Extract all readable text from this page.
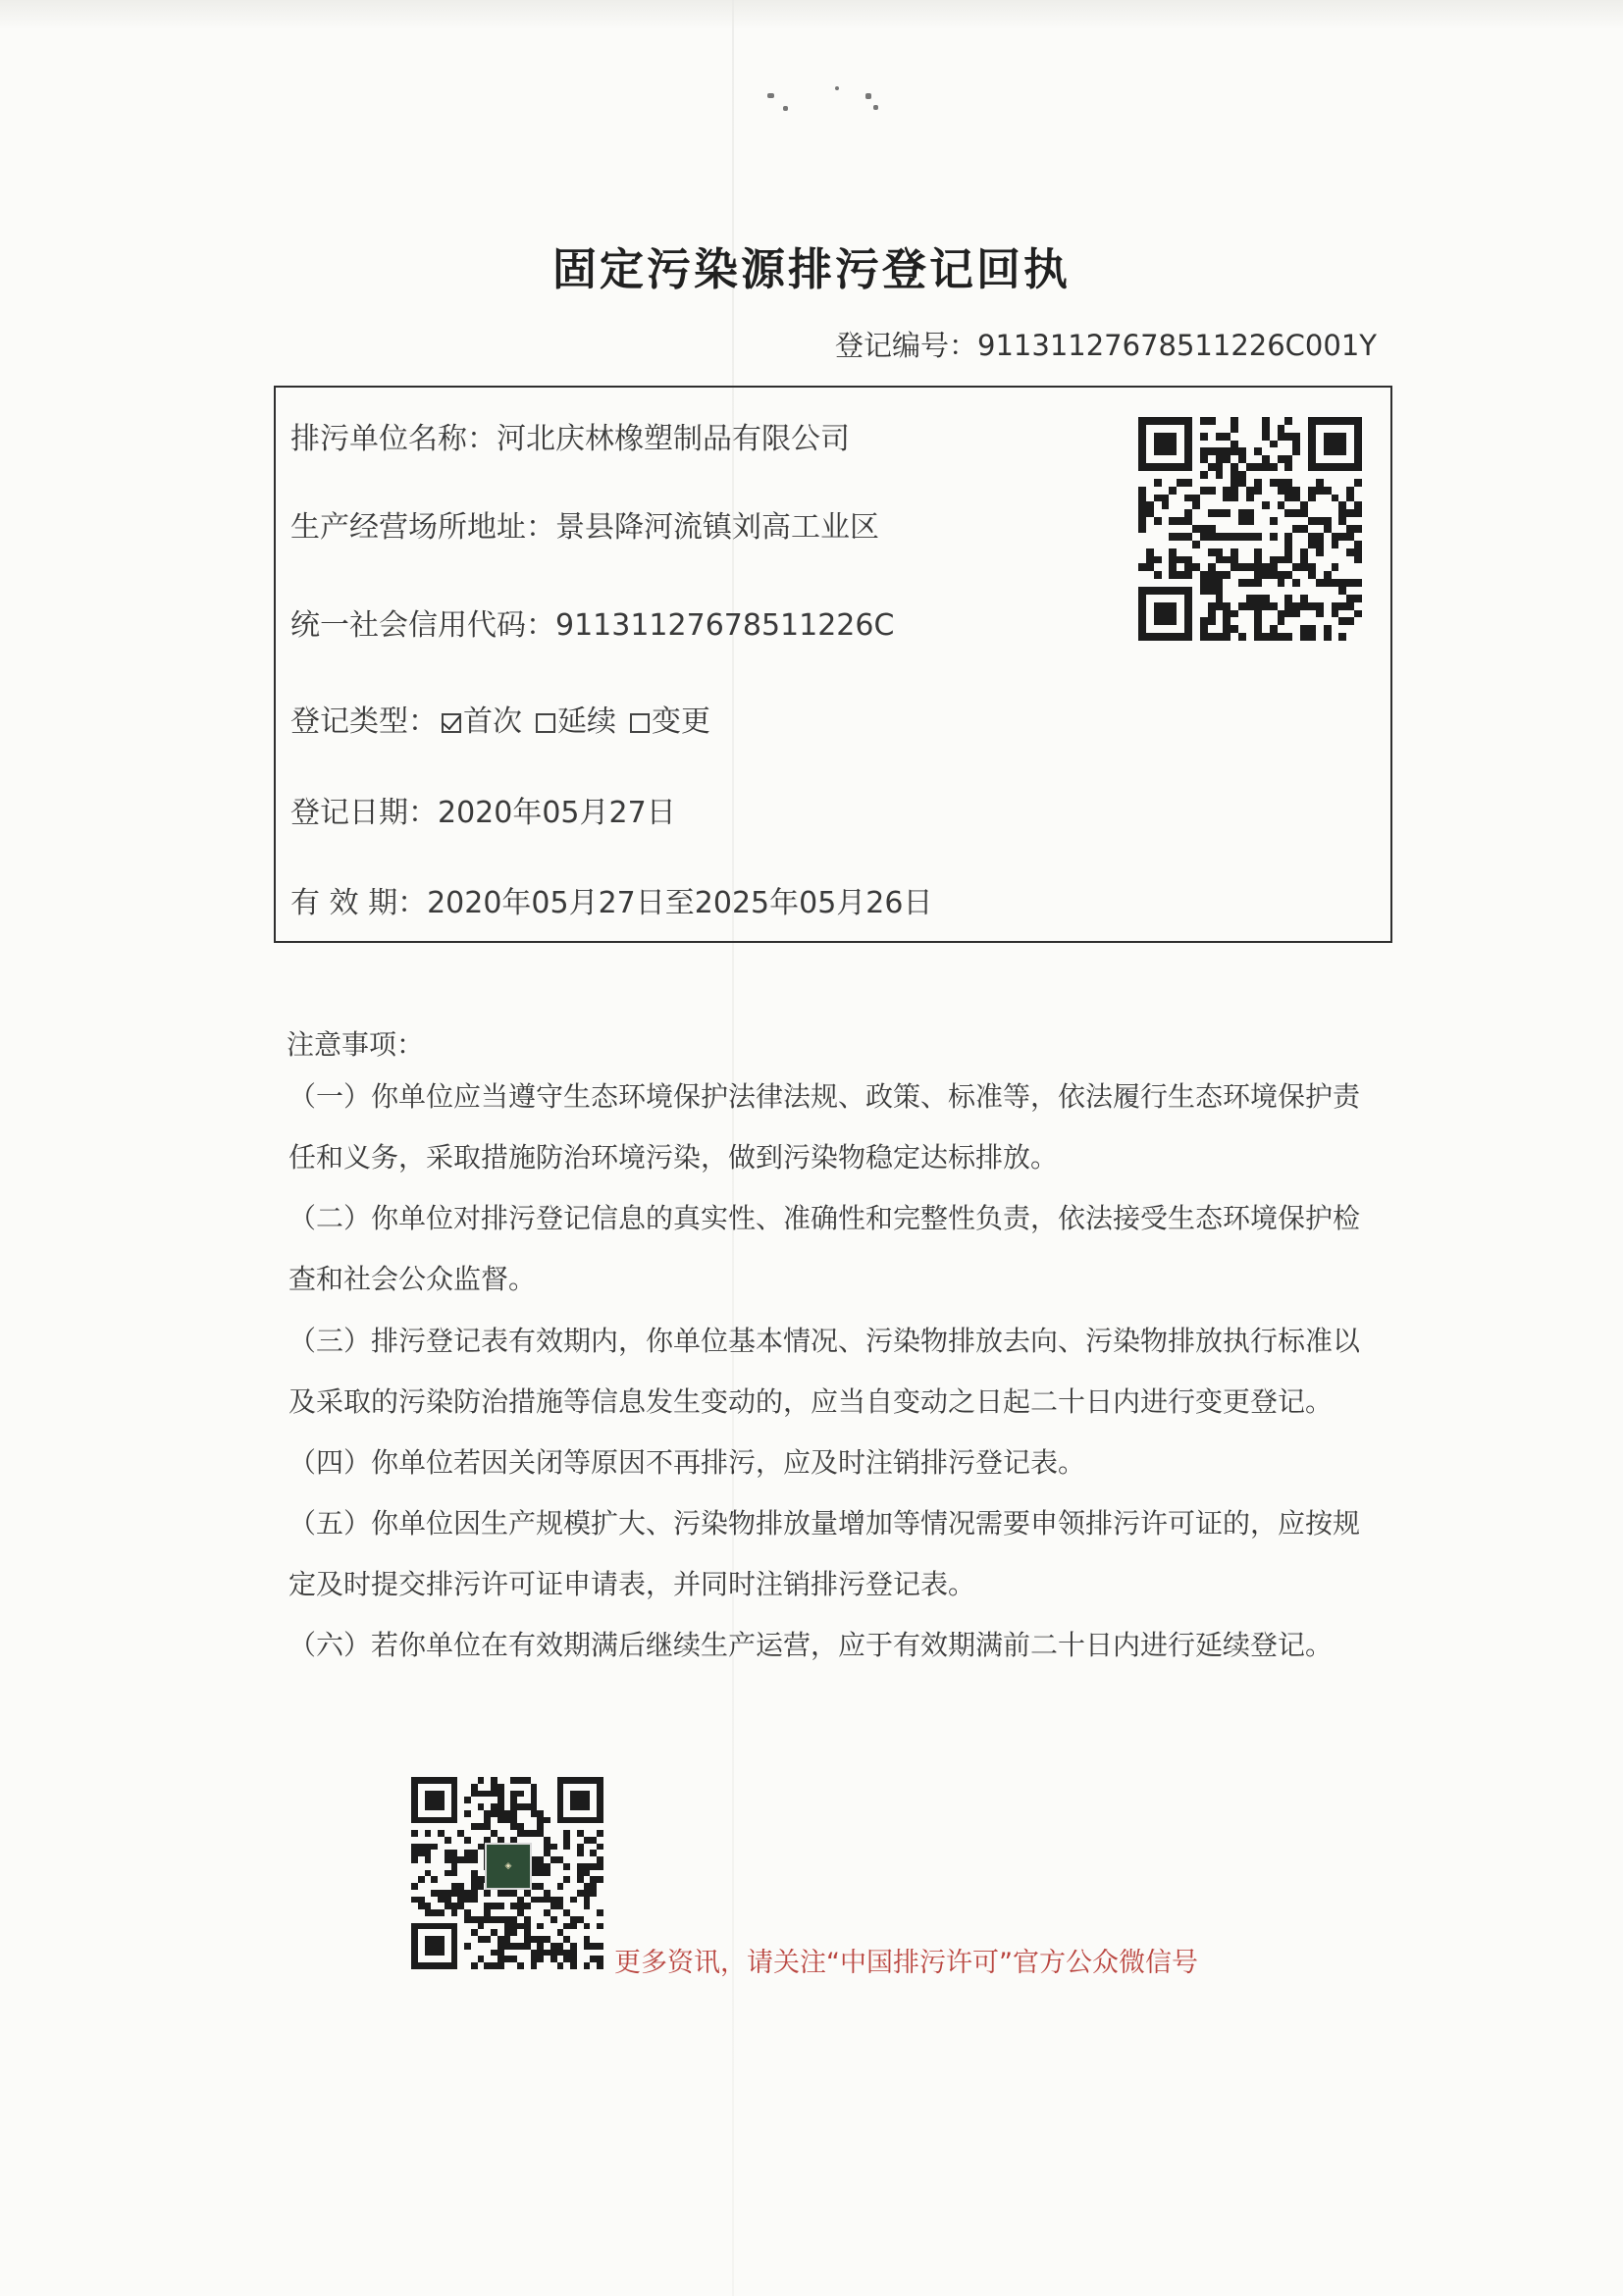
固定污染源排污登记回执
登记编号：91131127678511226C001Y
排污单位名称：河北庆林橡塑制品有限公司
生产经营场所地址：景县降河流镇刘高工业区
统一社会信用代码：91131127678511226C
登记类型： 首次 延续 变更
登记日期：2020年05月27日
有 效 期：2020年05月27日至2025年05月26日
注意事项：
（一）你单位应当遵守生态环境保护法律法规、政策、标准等，依法履行生态环境保护责任和义务，采取措施防治环境污染，做到污染物稳定达标排放。
（二）你单位对排污登记信息的真实性、准确性和完整性负责，依法接受生态环境保护检查和社会公众监督。
（三）排污登记表有效期内，你单位基本情况、污染物排放去向、污染物排放执行标准以及采取的污染防治措施等信息发生变动的，应当自变动之日起二十日内进行变更登记。
（四）你单位若因关闭等原因不再排污，应及时注销排污登记表。
（五）你单位因生产规模扩大、污染物排放量增加等情况需要申领排污许可证的，应按规定及时提交排污许可证申请表，并同时注销排污登记表。
（六）若你单位在有效期满后继续生产运营，应于有效期满前二十日内进行延续登记。
◈
更多资讯，请关注“中国排污许可”官方公众微信号
